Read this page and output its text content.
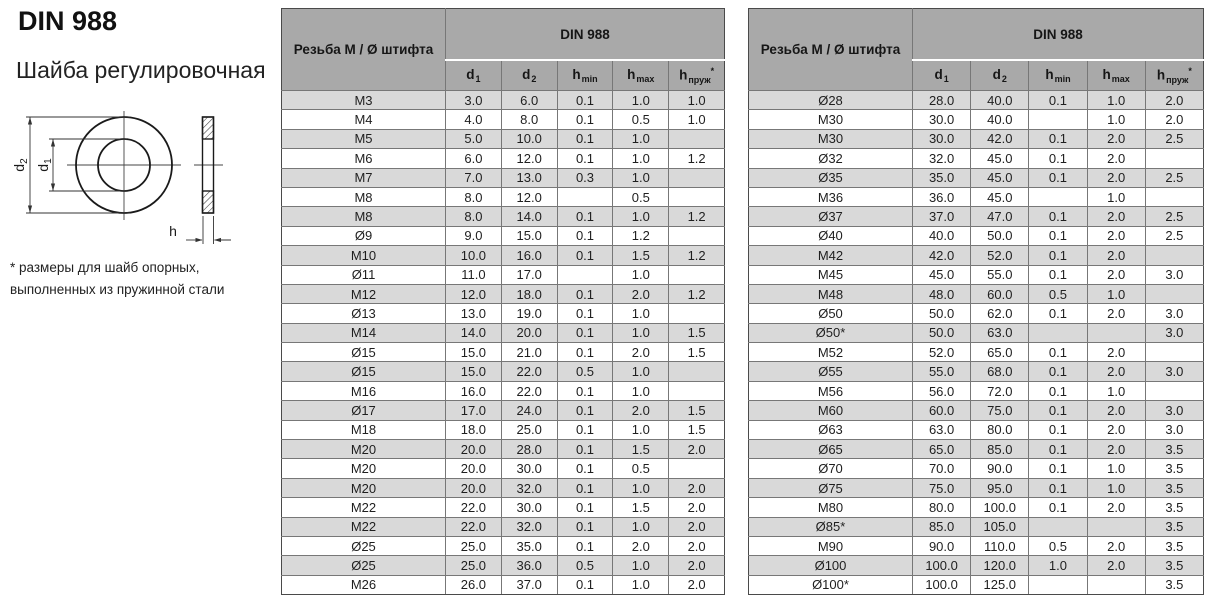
DIN 988
Шайба регулировочная
$d_2$
$d_1$
h
* размеры для шайб опорных,
выполненных из пружинной стали
Резьба М / Ø штифта	DIN 988				
	$d_1$	$d_2$	$h_{min}$	$h_{max}$	$h_{пруж}^*$
M3	3.0	6.0	0.1	1.0	1.0
M4	4.0	8.0	0.1	0.5	1.0
M5	5.0	10.0	0.1	1.0	
M6	6.0	12.0	0.1	1.0	1.2
M7	7.0	13.0	0.3	1.0	
M8	8.0	12.0		0.5	
M8	8.0	14.0	0.1	1.0	1.2
Ø9	9.0	15.0	0.1	1.2	
M10	10.0	16.0	0.1	1.5	1.2
Ø11	11.0	17.0		1.0	
M12	12.0	18.0	0.1	2.0	1.2
Ø13	13.0	19.0	0.1	1.0	
M14	14.0	20.0	0.1	1.0	1.5
Ø15	15.0	21.0	0.1	2.0	1.5
Ø15	15.0	22.0	0.5	1.0	
M16	16.0	22.0	0.1	1.0	
Ø17	17.0	24.0	0.1	2.0	1.5
M18	18.0	25.0	0.1	1.0	1.5
M20	20.0	28.0	0.1	1.5	2.0
M20	20.0	30.0	0.1	0.5	
M20	20.0	32.0	0.1	1.0	2.0
M22	22.0	30.0	0.1	1.5	2.0
M22	22.0	32.0	0.1	1.0	2.0
Ø25	25.0	35.0	0.1	2.0	2.0
Ø25	25.0	36.0	0.5	1.0	2.0
M26	26.0	37.0	0.1	1.0	2.0
Резьба М / Ø штифта	DIN 988				
	$d_1$	$d_2$	$h_{min}$	$h_{max}$	$h_{пруж}^*$
Ø28	28.0	40.0	0.1	1.0	2.0
M30	30.0	40.0		1.0	2.0
M30	30.0	42.0	0.1	2.0	2.5
Ø32	32.0	45.0	0.1	2.0	
Ø35	35.0	45.0	0.1	2.0	2.5
M36	36.0	45.0		1.0	
Ø37	37.0	47.0	0.1	2.0	2.5
Ø40	40.0	50.0	0.1	2.0	2.5
M42	42.0	52.0	0.1	2.0	
M45	45.0	55.0	0.1	2.0	3.0
M48	48.0	60.0	0.5	1.0	
Ø50	50.0	62.0	0.1	2.0	3.0
Ø50*	50.0	63.0			3.0
M52	52.0	65.0	0.1	2.0	
Ø55	55.0	68.0	0.1	2.0	3.0
M56	56.0	72.0	0.1	1.0	
M60	60.0	75.0	0.1	2.0	3.0
Ø63	63.0	80.0	0.1	2.0	3.0
Ø65	65.0	85.0	0.1	2.0	3.5
Ø70	70.0	90.0	0.1	1.0	3.5
Ø75	75.0	95.0	0.1	1.0	3.5
M80	80.0	100.0	0.1	2.0	3.5
Ø85*	85.0	105.0			3.5
M90	90.0	110.0	0.5	2.0	3.5
Ø100	100.0	120.0	1.0	2.0	3.5
Ø100*	100.0	125.0			3.5
